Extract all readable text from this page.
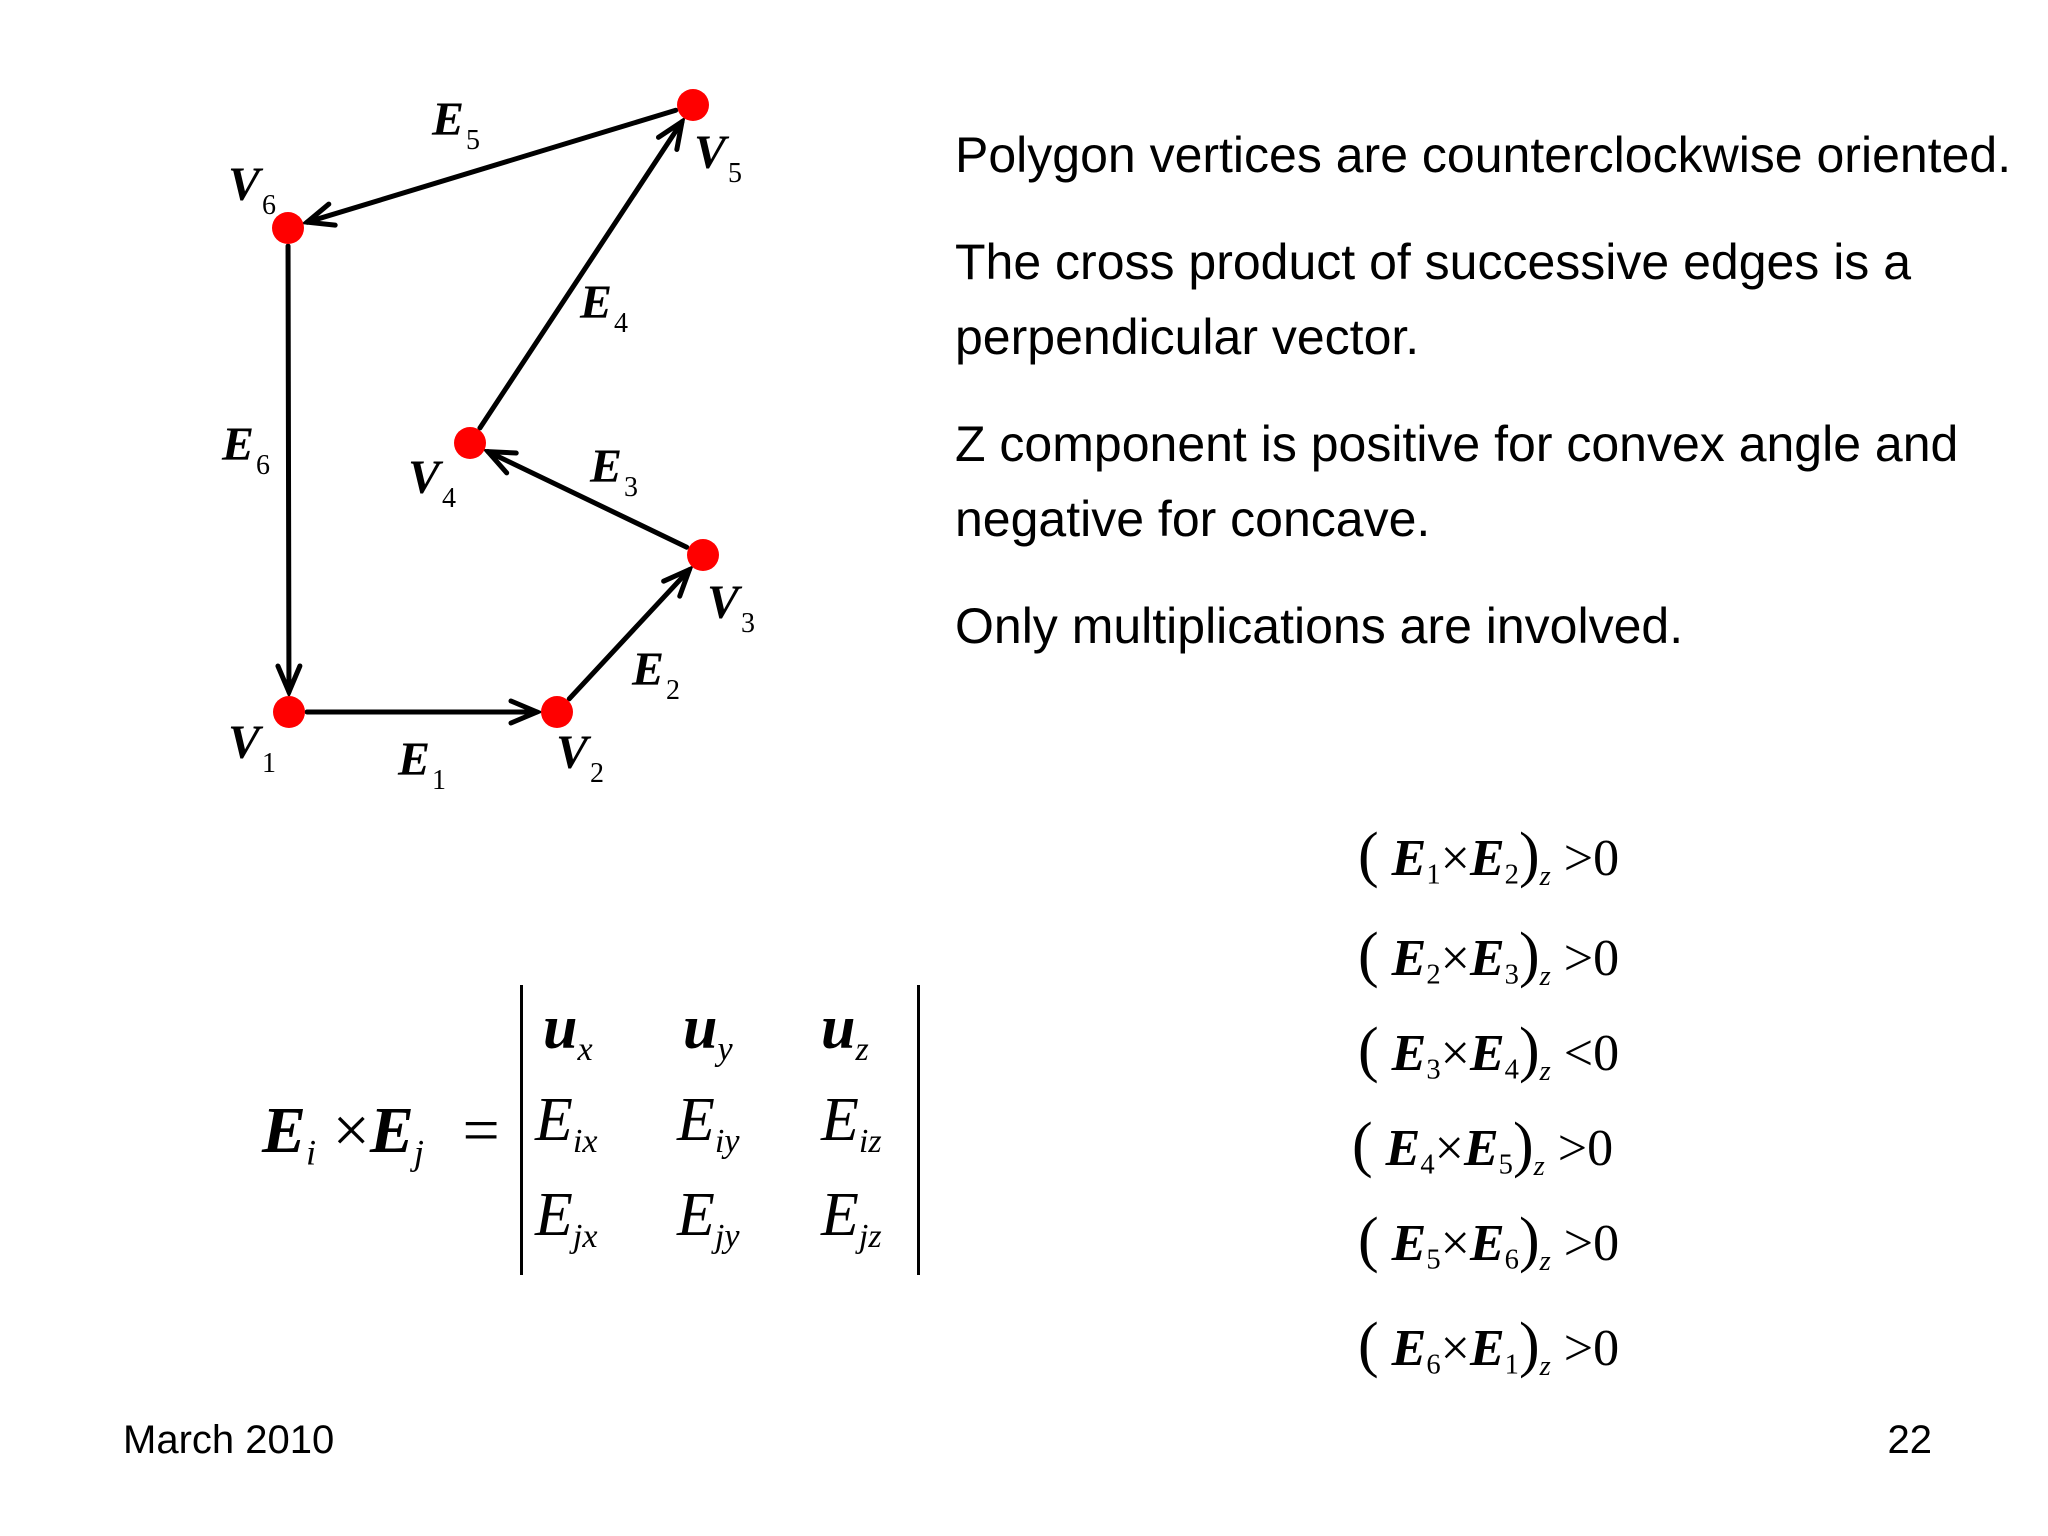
$V_1$	$V_2$
$V_3$
$V_4$
$V_5$
$V_6$
$E_1$
$E_2$
$E_3$
$E_4$
$E_5$
$E_6$

Polygon vertices are counterclockwise oriented.

The cross product of successive edges is a perpendicular vector.

Z component is positive for convex angle and negative for concave.

Only multiplications are involved.

$E_i \times E_j$ =
$u_x$ $u_y$ $u_z$
$E_{ix}$ $E_{iy}$ $E_{iz}$
$E_{jx}$ $E_{jy}$ $E_{jz}$
( $E1\times E2)_z >0$
( $E2\times E3)_z >0$
( $E3\times E4)_z <0$
( $E4\times E5)_z >0$
( $E5\times E6)_z >0$
( $E6\times E1)_z >0$
March 2010	22
